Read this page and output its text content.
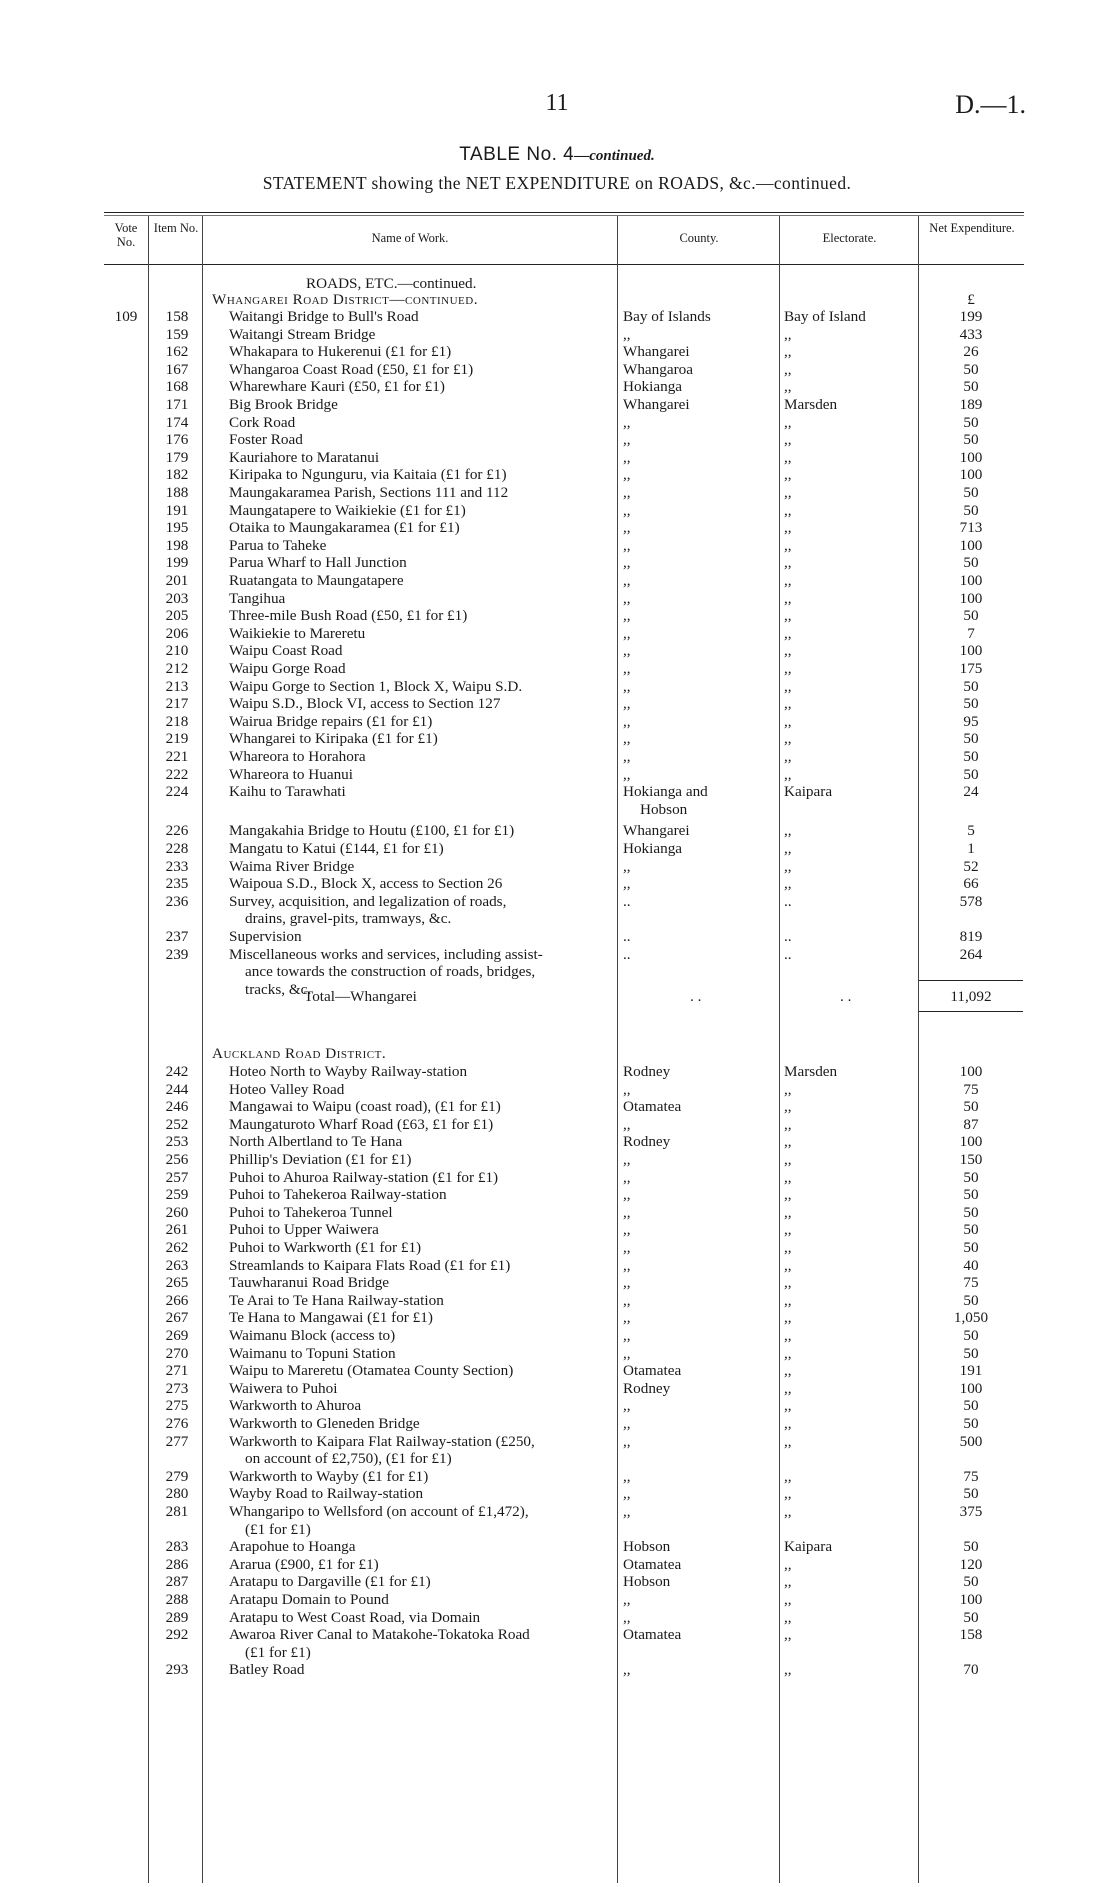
11	D.—1.
TABLE No. 4—continued.
STATEMENT showing the NET EXPENDITURE on ROADS, &c.—continued.
Vote No.
Item No.
Name of Work.	County.	Electorate.
Net Expenditure.
ROADS, ETC.—continued.
Whangarei Road District—continued.	£
109	158	Waitangi Bridge to Bull's Road	Bay of Islands	Bay of Island	199
159	Waitangi Stream Bridge	,,	,,	433
162	Whakapara to Hukerenui (£1 for £1)	Whangarei	,,	26
167	Whangaroa Coast Road (£50, £1 for £1)	Whangaroa	,,	50
168	Wharewhare Kauri (£50, £1 for £1)	Hokianga	,,	50
171	Big Brook Bridge	Whangarei	Marsden	189
174	Cork Road	,,	,,	50
176	Foster Road	,,	,,	50
179	Kauriahore to Maratanui	,,	,,	100
182	Kiripaka to Ngunguru, via Kaitaia (£1 for £1)	,,	,,	100
188	Maungakaramea Parish, Sections 111 and 112	,,	,,	50
191	Maungatapere to Waikiekie (£1 for £1)	,,	,,	50
195	Otaika to Maungakaramea (£1 for £1)	,,	,,	713
198	Parua to Taheke	,,	,,	100
199	Parua Wharf to Hall Junction	,,	,,	50
201	Ruatangata to Maungatapere	,,	,,	100
203	Tangihua	,,	,,	100
205	Three-mile Bush Road (£50, £1 for £1)	,,	,,	50
206	Waikiekie to Mareretu	,,	,,	7
210	Waipu Coast Road	,,	,,	100
212	Waipu Gorge Road	,,	,,	175
213	Waipu Gorge to Section 1, Block X, Waipu S.D.	,,	,,	50
217	Waipu S.D., Block VI, access to Section 127	,,	,,	50
218	Wairua Bridge repairs (£1 for £1)	,,	,,	95
219	Whangarei to Kiripaka (£1 for £1)	,,	,,	50
221	Whareora to Horahora	,,	,,	50
222	Whareora to Huanui	,,	,,	50
224	Kaihu to Tarawhati	Hokianga and	Kaipara	24
Hobson
226	Mangakahia Bridge to Houtu (£100, £1 for £1)	Whangarei	,,	5
228	Mangatu to Katui (£144, £1 for £1)	Hokianga	,,	1
233	Waima River Bridge	,,	,,	52
235	Waipoua S.D., Block X, access to Section 26	,,	,,	66
236	Survey, acquisition, and legalization of roads,	..	..	578
drains, gravel-pits, tramways, &c.
237	Supervision	..	..	819
239	Miscellaneous works and services, including assist-	..	..	264
ance towards the construction of roads, bridges,
tracks, &c.
Total—Whangarei	. .	. .	11,092
Auckland Road District.
242	Hoteo North to Wayby Railway-station	Rodney	Marsden	100
244	Hoteo Valley Road	,,	,,	75
246	Mangawai to Waipu (coast road), (£1 for £1)	Otamatea	,,	50
252	Maungaturoto Wharf Road (£63, £1 for £1)	,,	,,	87
253	North Albertland to Te Hana	Rodney	,,	100
256	Phillip's Deviation (£1 for £1)	,,	,,	150
257	Puhoi to Ahuroa Railway-station (£1 for £1)	,,	,,	50
259	Puhoi to Tahekeroa Railway-station	,,	,,	50
260	Puhoi to Tahekeroa Tunnel	,,	,,	50
261	Puhoi to Upper Waiwera	,,	,,	50
262	Puhoi to Warkworth (£1 for £1)	,,	,,	50
263	Streamlands to Kaipara Flats Road (£1 for £1)	,,	,,	40
265	Tauwharanui Road Bridge	,,	,,	75
266	Te Arai to Te Hana Railway-station	,,	,,	50
267	Te Hana to Mangawai (£1 for £1)	,,	,,	1,050
269	Waimanu Block (access to)	,,	,,	50
270	Waimanu to Topuni Station	,,	,,	50
271	Waipu to Mareretu (Otamatea County Section)	Otamatea	,,	191
273	Waiwera to Puhoi	Rodney	,,	100
275	Warkworth to Ahuroa	,,	,,	50
276	Warkworth to Gleneden Bridge	,,	,,	50
277	Warkworth to Kaipara Flat Railway-station (£250,	,,	,,	500
on account of £2,750), (£1 for £1)
279	Warkworth to Wayby (£1 for £1)	,,	,,	75
280	Wayby Road to Railway-station	,,	,,	50
281	Whangaripo to Wellsford (on account of £1,472),	,,	,,	375
(£1 for £1)
283	Arapohue to Hoanga	Hobson	Kaipara	50
286	Ararua (£900, £1 for £1)	Otamatea	,,	120
287	Aratapu to Dargaville (£1 for £1)	Hobson	,,	50
288	Aratapu Domain to Pound	,,	,,	100
289	Aratapu to West Coast Road, via Domain	,,	,,	50
292	Awaroa River Canal to Matakohe-Tokatoka Road	Otamatea	,,	158
(£1 for £1)
293	Batley Road	,,	,,	70
